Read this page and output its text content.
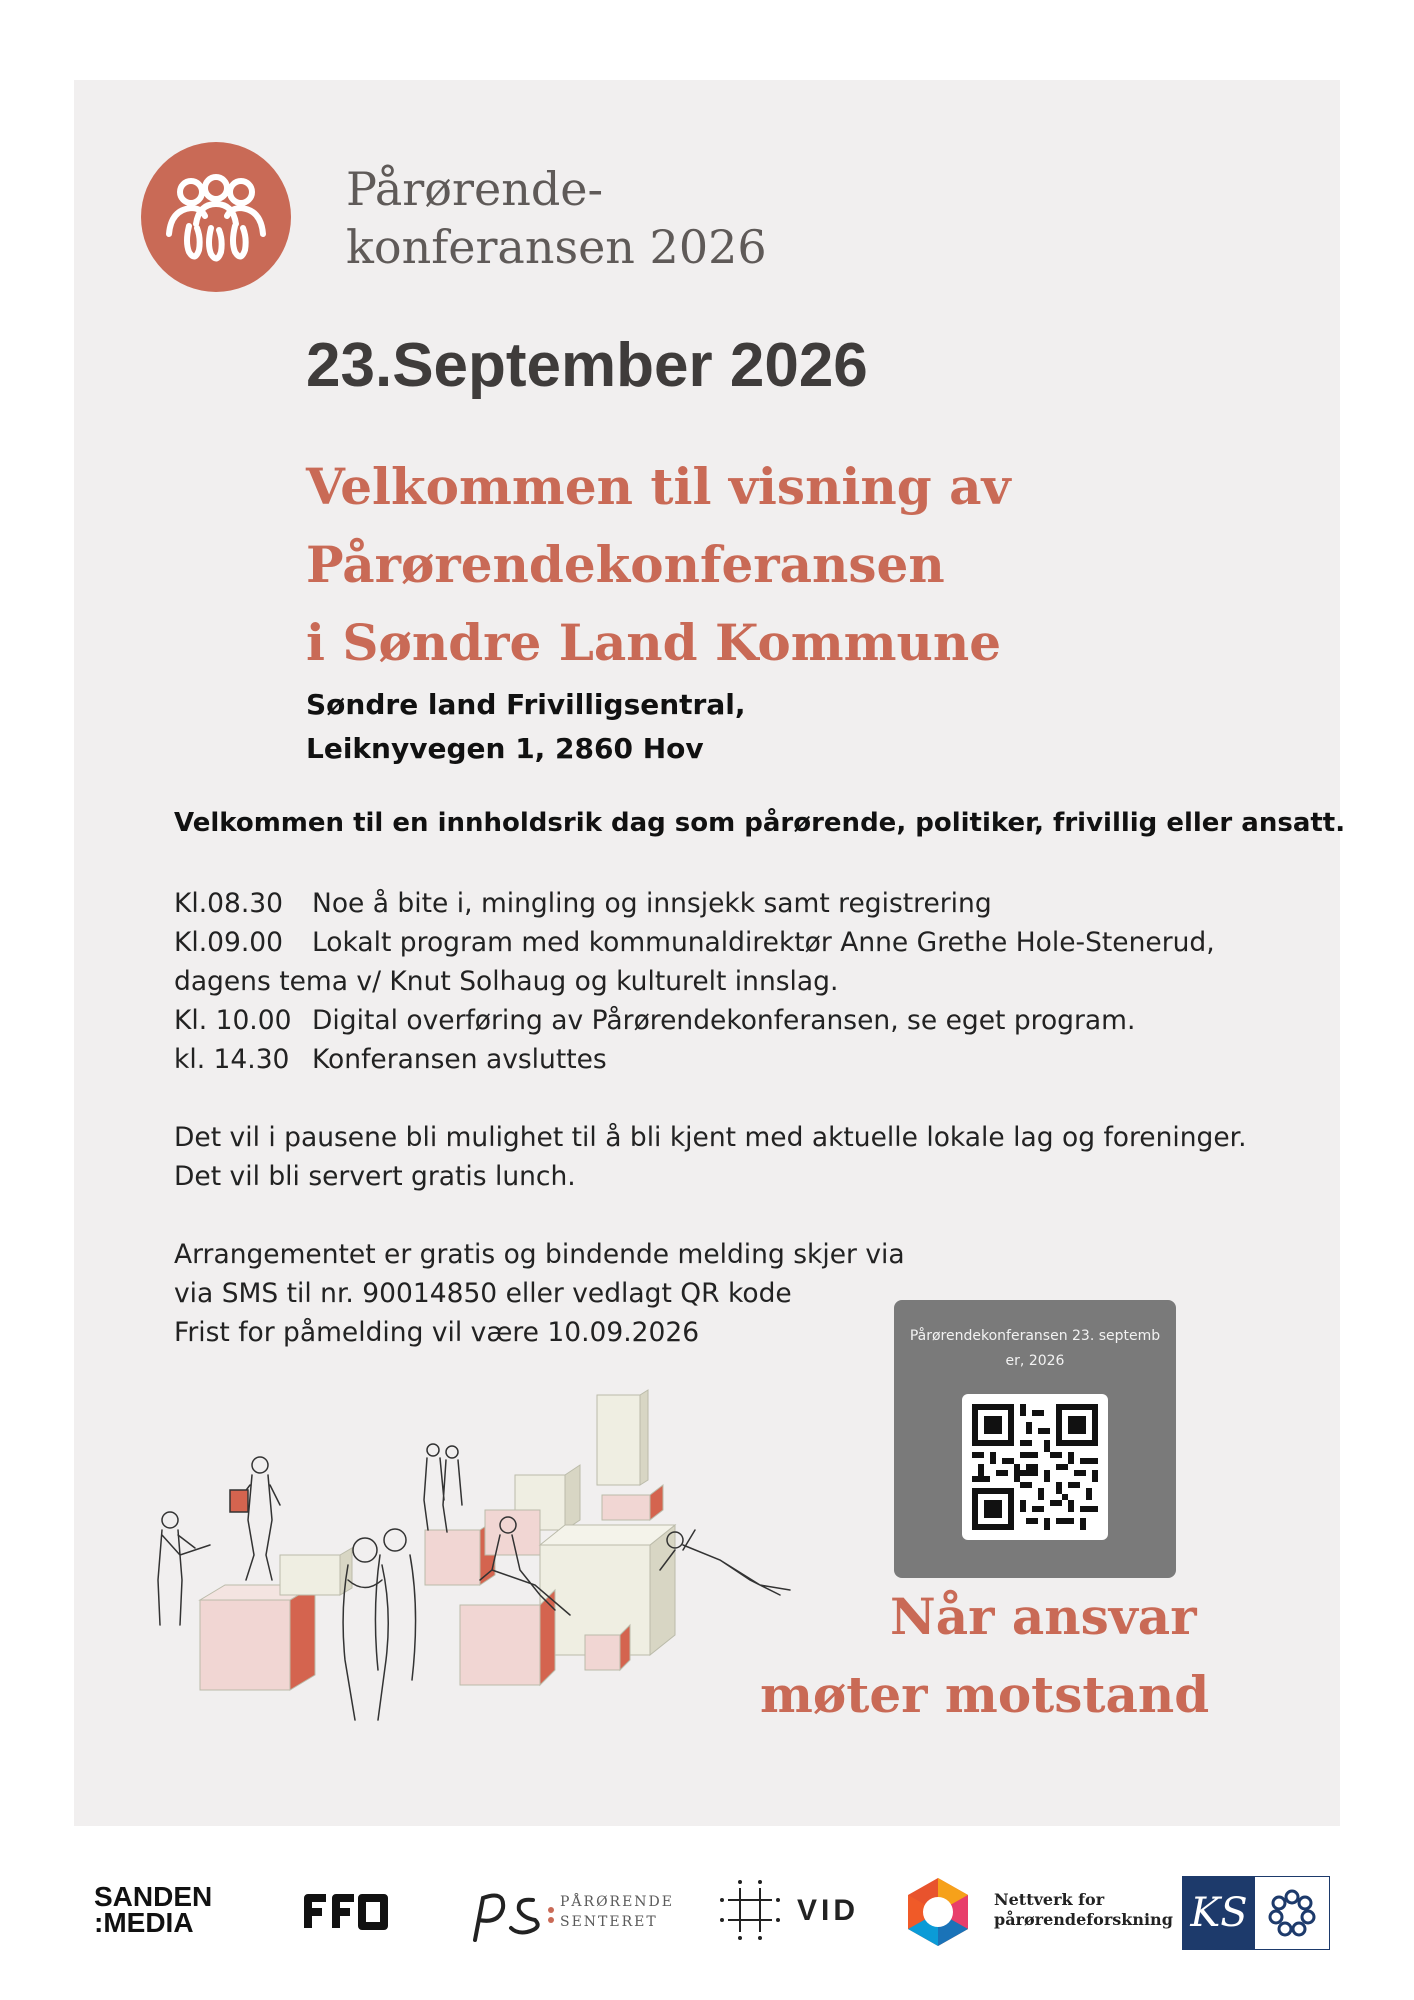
Pårørende-
konferansen 2026
23.September 2026
Velkommen til visning av
Pårørendekonferansen
i Søndre Land Kommune
Søndre land Frivilligsentral,
Leiknyvegen 1, 2860 Hov
Velkommen til en innholdsrik dag som pårørende, politiker, frivillig eller ansatt.
Kl.08.30	Noe å bite i, mingling og innsjekk samt registrering
Kl.09.00	Lokalt program med kommunaldirektør Anne Grethe Hole-Stenerud,
dagens tema v/ Knut Solhaug og kulturelt innslag.
Kl. 10.00 Digital overføring av Pårørendekonferansen, se eget program.
kl. 14.30 Konferansen avsluttes
Det vil i pausene bli mulighet til å bli kjent med aktuelle lokale lag og foreninger.
Det vil bli servert gratis lunch.
Arrangementet er gratis og bindende melding skjer via
via SMS til nr. 90014850 eller vedlagt QR kode
Frist for påmelding vil være 10.09.2026	Pårørendekonferansen 23. septemb
er, 2026
Når ansvar
møter motstand
SANDEN
:MEDIA
PÅRØRENDE
SENTERET	VID	Nettverk for
pårørendeforskning KS
